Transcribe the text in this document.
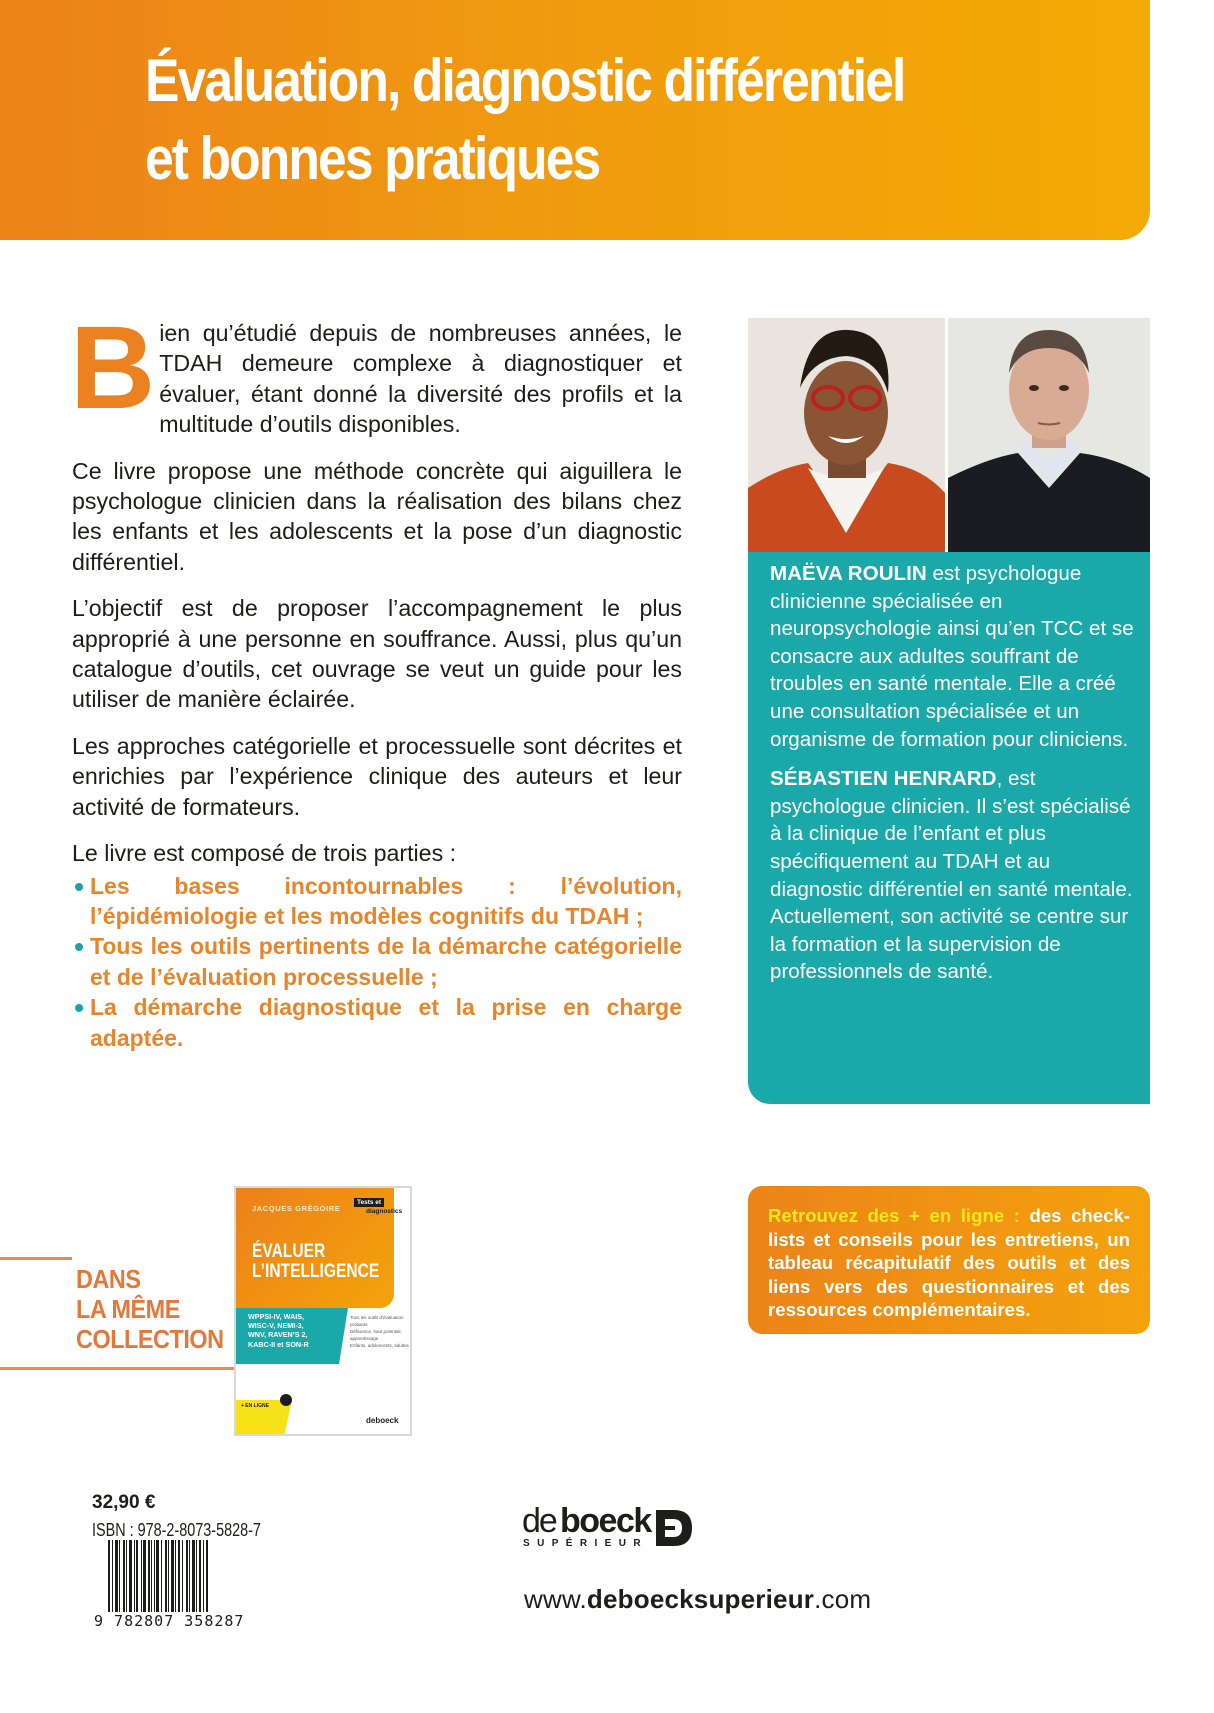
Évaluation, diagnostic différentiel
et bonnes pratiques

Bien qu’étudié depuis de nombreuses années, le TDAH demeure complexe à diagnostiquer et évaluer, étant donné la diversité des profils et la multitude d’outils disponibles.

Ce livre propose une méthode concrète qui aiguillera le psychologue clinicien dans la réalisation des bilans chez les enfants et les adolescents et la pose d’un diagnostic différentiel.

L’objectif est de proposer l’accompagnement le plus approprié à une personne en souffrance. Aussi, plus qu’un catalogue d’outils, cet ouvrage se veut un guide pour les utiliser de manière éclairée.

Les approches catégorielle et processuelle sont décrites et enrichies par l’expérience clinique des auteurs et leur activité de formateurs.

Le livre est composé de trois parties :

Les bases incontournables : l’évolution, l’épidémiologie et les modèles cognitifs du TDAH ;
Tous les outils pertinents de la démarche catégorielle et de l’évaluation processuelle ;
La démarche diagnostique et la prise en charge adaptée.

MAËVA ROULIN est psychologue clinicienne spécialisée en neuropsychologie ainsi qu’en TCC et se consacre aux adultes souffrant de troubles en santé mentale. Elle a créé une consultation spécialisée et un organisme de formation pour cliniciens.

SÉBASTIEN HENRARD, est psychologue clinicien. Il s’est spécialisé à la clinique de l’enfant et plus spécifiquement au TDAH et au diagnostic différentiel en santé mentale. Actuellement, son activité se centre sur la formation et la supervision de professionnels de santé.

DANS
LA MÊME
COLLECTION
JACQUES GRÉGOIRE
Tests et
diagnostics
ÉVALUER
L’INTELLIGENCE
WPPSI-IV, WAIS,
WISC-V, NEMI-3,
WNV, RAVEN’S 2,
KABC-II et SON-R
Tous les outils d’évaluation probants
Déficience, haut potentiel, apprentissage
Enfants, adolescents, adultes
+ EN LIGNE
deboeck
Retrouvez des + en ligne : des check-lists et conseils pour les entretiens, un tableau récapitulatif des outils et des liens vers des questionnaires et des ressources complémentaires.
32,90 €
ISBN : 978-2-8073-5828-7
9 782807 358287
de boeck
SUPÉRIEUR
www.deboecksuperieur.com
